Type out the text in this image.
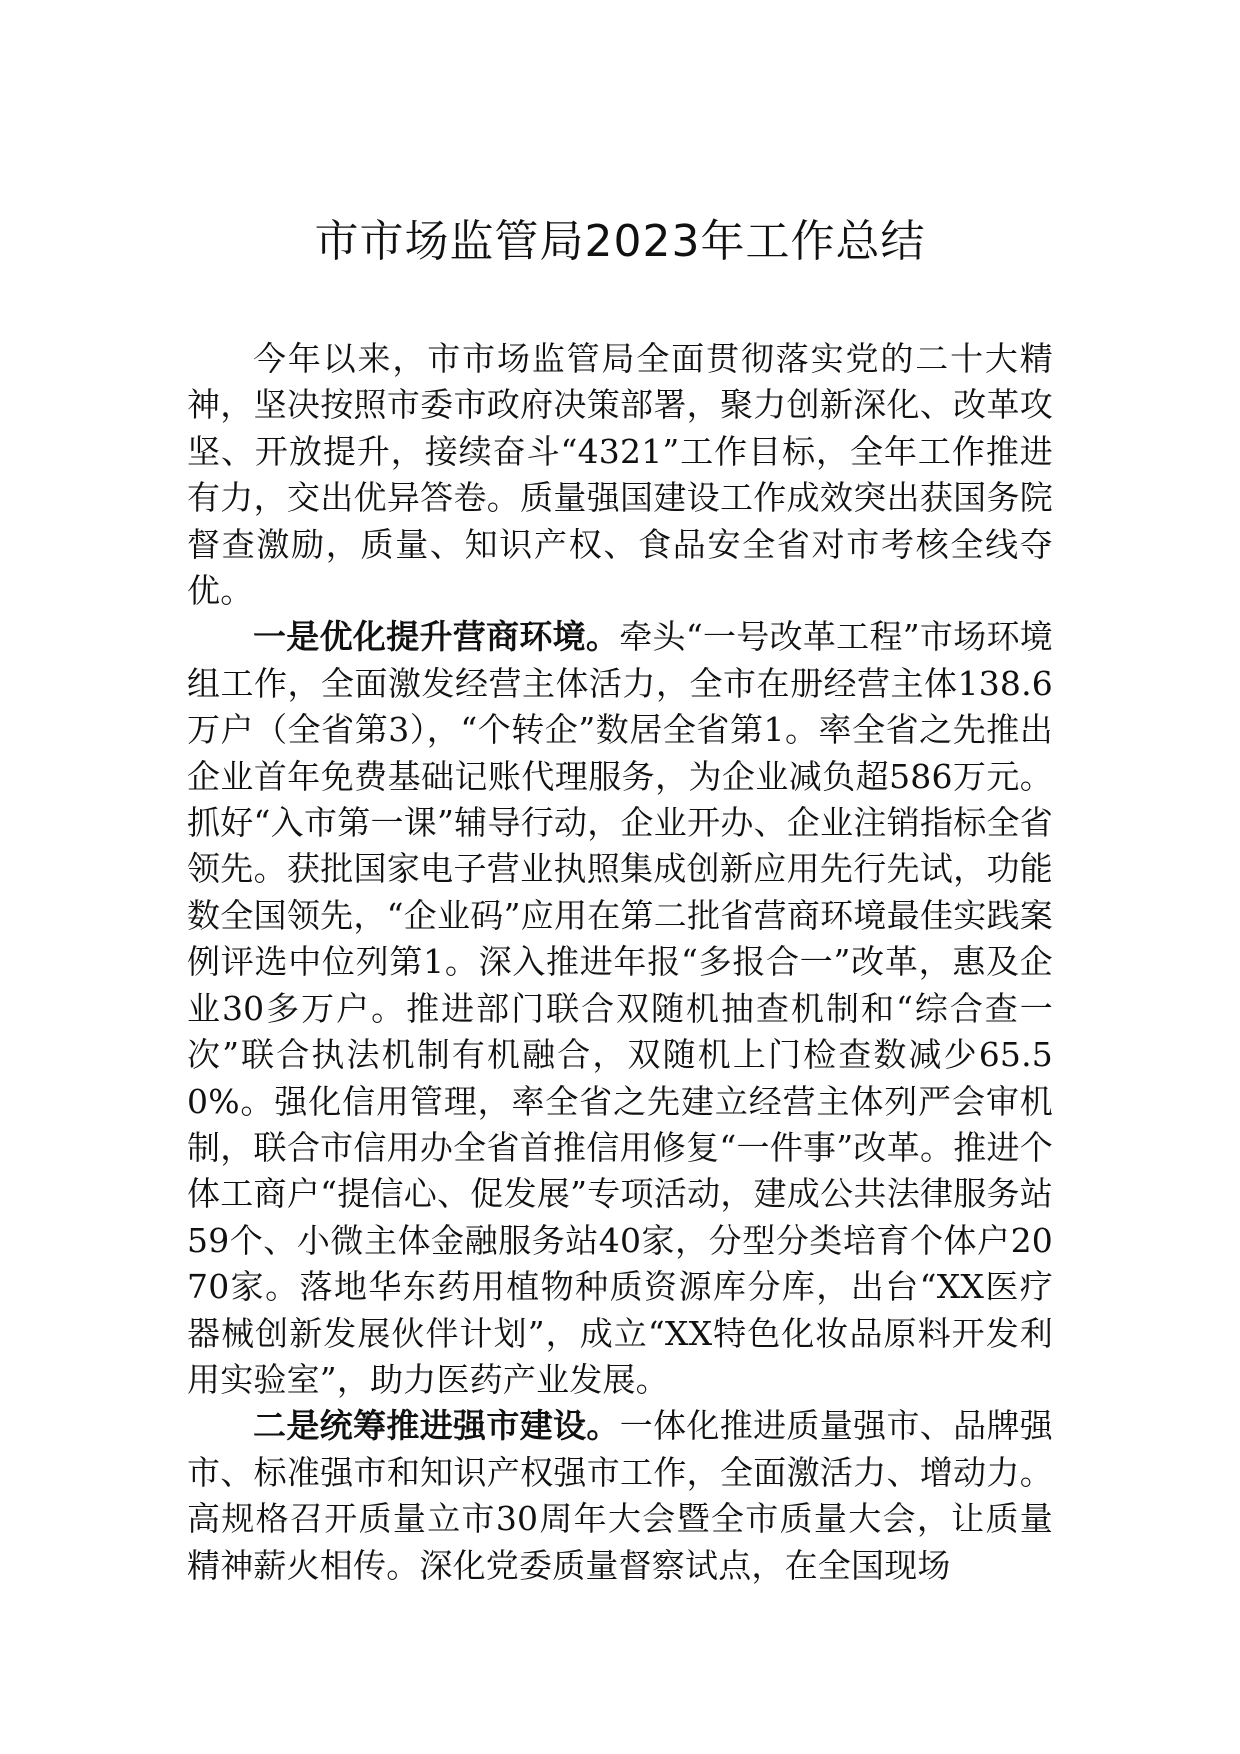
市市场监管局2023年工作总结

今年以来，市市场监管局全面贯彻落实党的二十大精神，坚决按照市委市政府决策部署，聚力创新深化、改革攻坚、开放提升，接续奋斗“4321”工作目标，全年工作推进有力，交出优异答卷。质量强国建设工作成效突出获国务院督查激励，质量、知识产权、食品安全省对市考核全线夺优。

一是优化提升营商环境。牵头“一号改革工程”市场环境组工作，全面激发经营主体活力，全市在册经营主体138.6万户（全省第3），“个转企”数居全省第1。率全省之先推出企业首年免费基础记账代理服务，为企业减负超586万元。抓好“入市第一课”辅导行动，企业开办、企业注销指标全省领先。获批国家电子营业执照集成创新应用先行先试，功能数全国领先，“企业码”应用在第二批省营商环境最佳实践案例评选中位列第1。深入推进年报“多报合一”改革，惠及企业30多万户。推进部门联合双随机抽查机制和“综合查一次”联合执法机制有机融合，双随机上门检查数减少65.50%。强化信用管理，率全省之先建立经营主体列严会审机制，联合市信用办全省首推信用修复“一件事”改革。推进个体工商户“提信心、促发展”专项活动，建成公共法律服务站59个、小微主体金融服务站40家，分型分类培育个体户2070家。落地华东药用植物种质资源库分库，出台“XX医疗器械创新发展伙伴计划”，成立“XX特色化妆品原料开发利用实验室”，助力医药产业发展。

二是统筹推进强市建设。一体化推进质量强市、品牌强市、标准强市和知识产权强市工作，全面激活力、增动力。高规格召开质量立市30周年大会暨全市质量大会，让质量精神薪火相传。深化党委质量督察试点，在全国现场
